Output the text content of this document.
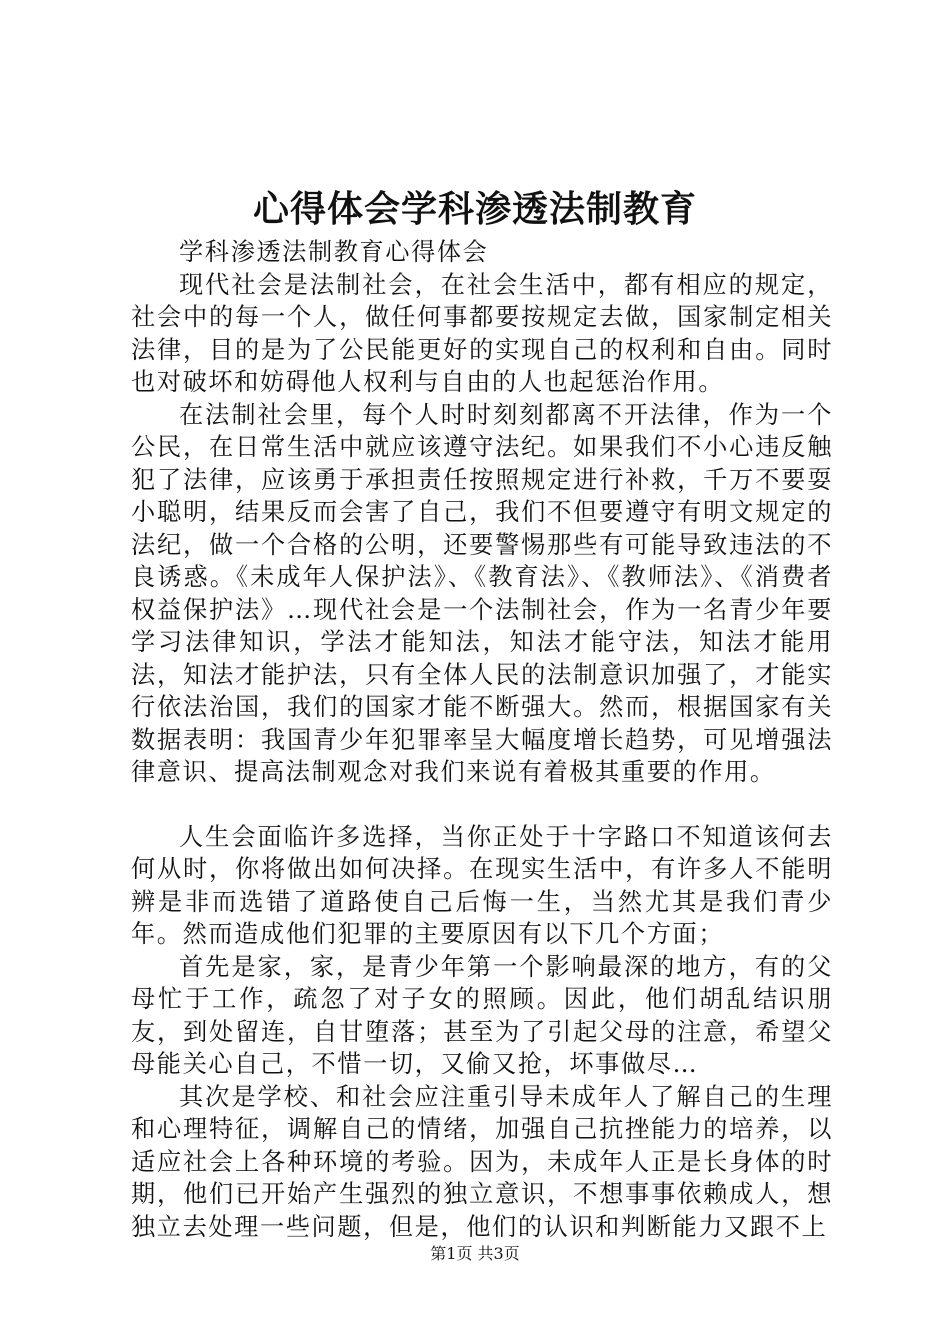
心得体会学科渗透法制教育

学科渗透法制教育心得体会

现代社会是法制社会，在社会生活中，都有相应的规定，社会中的每一个人，做任何事都要按规定去做，国家制定相关法律，目的是为了公民能更好的实现自己的权利和自由。同时也对破坏和妨碍他人权利与自由的人也起惩治作用。

在法制社会里，每个人时时刻刻都离不开法律，作为一个公民，在日常生活中就应该遵守法纪。如果我们不小心违反触犯了法律，应该勇于承担责任按照规定进行补救，千万不要耍小聪明，结果反而会害了自己，我们不但要遵守有明文规定的法纪，做一个合格的公明，还要警惕那些有可能导致违法的不良诱惑。《未成年人保护法》、《教育法》、《教师法》、《消费者权益保护法》…现代社会是一个法制社会，作为一名青少年要学习法律知识，学法才能知法，知法才能守法，知法才能用法，知法才能护法，只有全体人民的法制意识加强了，才能实行依法治国，我们的国家才能不断强大。然而，根据国家有关数据表明：我国青少年犯罪率呈大幅度增长趋势，可见增强法律意识、提高法制观念对我们来说有着极其重要的作用。

人生会面临许多选择，当你正处于十字路口不知道该何去何从时，你将做出如何决择。在现实生活中，有许多人不能明辨是非而选错了道路使自己后悔一生，当然尤其是我们青少年。然而造成他们犯罪的主要原因有以下几个方面；

首先是家，家，是青少年第一个影响最深的地方，有的父母忙于工作，疏忽了对子女的照顾。因此，他们胡乱结识朋友，到处留连，自甘堕落；甚至为了引起父母的注意，希望父母能关心自己，不惜一切，又偷又抢，坏事做尽…

其次是学校、和社会应注重引导未成年人了解自己的生理和心理特征，调解自己的情绪，加强自己抗挫能力的培养，以适应社会上各种环境的考验。因为，未成年人正是长身体的时期，他们已开始产生强烈的独立意识，不想事事依赖成人，想独立去处理一些问题，但是，他们的认识和判断能力又跟不上

第1页 共3页
